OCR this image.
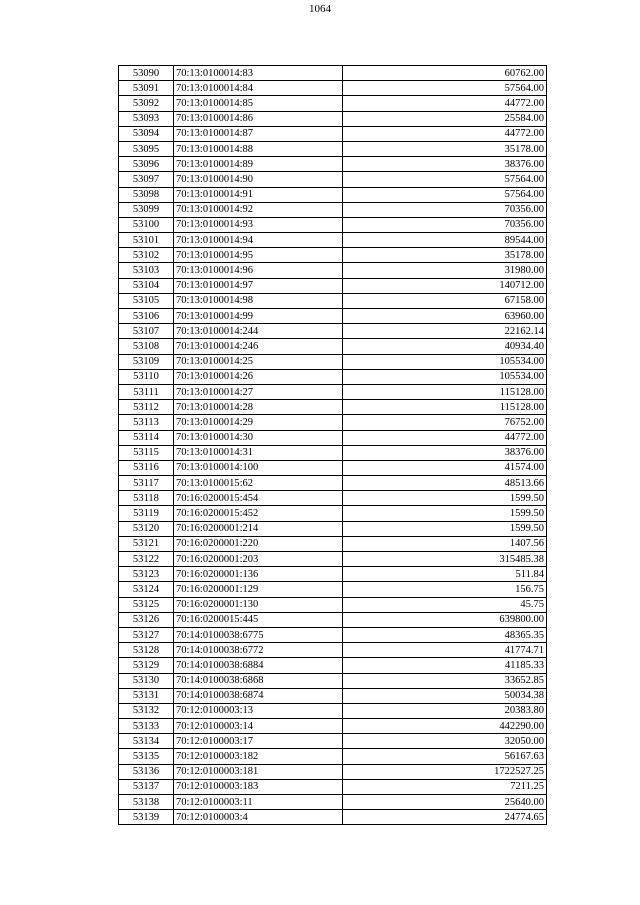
1064
53090	70:13:0100014:83	60762.00
53091	70:13:0100014:84	57564.00
53092	70:13:0100014:85	44772.00
53093	70:13:0100014:86	25584.00
53094	70:13:0100014:87	44772.00
53095	70:13:0100014:88	35178.00
53096	70:13:0100014:89	38376.00
53097	70:13:0100014:90	57564.00
53098	70:13:0100014:91	57564.00
53099	70:13:0100014:92	70356.00
53100	70:13:0100014:93	70356.00
53101	70:13:0100014:94	89544.00
53102	70:13:0100014:95	35178.00
53103	70:13:0100014:96	31980.00
53104	70:13:0100014:97	140712.00
53105	70:13:0100014:98	67158.00
53106	70:13:0100014:99	63960.00
53107	70:13:0100014:244	22162.14
53108	70:13:0100014:246	40934.40
53109	70:13:0100014:25	105534.00
53110	70:13:0100014:26	105534.00
53111	70:13:0100014:27	115128.00
53112	70:13:0100014:28	115128.00
53113	70:13:0100014:29	76752.00
53114	70:13:0100014:30	44772.00
53115	70:13:0100014:31	38376.00
53116	70:13:0100014:100	41574.00
53117	70:13:0100015:62	48513.66
53118	70:16:0200015:454	1599.50
53119	70:16:0200015:452	1599.50
53120	70:16:0200001:214	1599.50
53121	70:16:0200001:220	1407.56
53122	70:16:0200001:203	315485.38
53123	70:16:0200001:136	511.84
53124	70:16:0200001:129	156.75
53125	70:16:0200001:130	45.75
53126	70:16:0200015:445	639800.00
53127	70:14:0100038:6775	48365.35
53128	70:14:0100038:6772	41774.71
53129	70:14:0100038:6884	41185.33
53130	70:14:0100038:6868	33652.85
53131	70:14:0100038:6874	50034.38
53132	70:12:0100003:13	20383.80
53133	70:12:0100003:14	442290.00
53134	70:12:0100003:17	32050.00
53135	70:12:0100003:182	56167.63
53136	70:12:0100003:181	1722527.25
53137	70:12:0100003:183	7211.25
53138	70:12:0100003:11	25640.00
53139	70:12:0100003:4	24774.65
